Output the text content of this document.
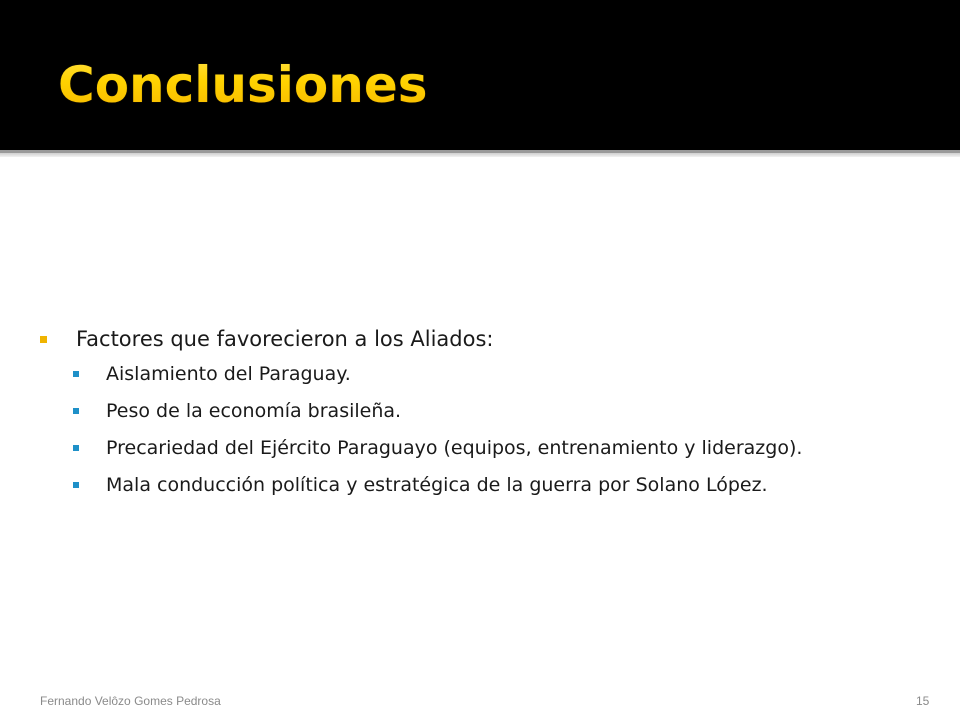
Conclusiones
Factores que favorecieron a los Aliados:
Aislamiento del Paraguay.
Peso de la economía brasileña.
Precariedad del Ejército Paraguayo (equipos, entrenamiento y liderazgo).
Mala conducción política y estratégica de la guerra por Solano López.
Fernando Velôzo Gomes Pedrosa	15
